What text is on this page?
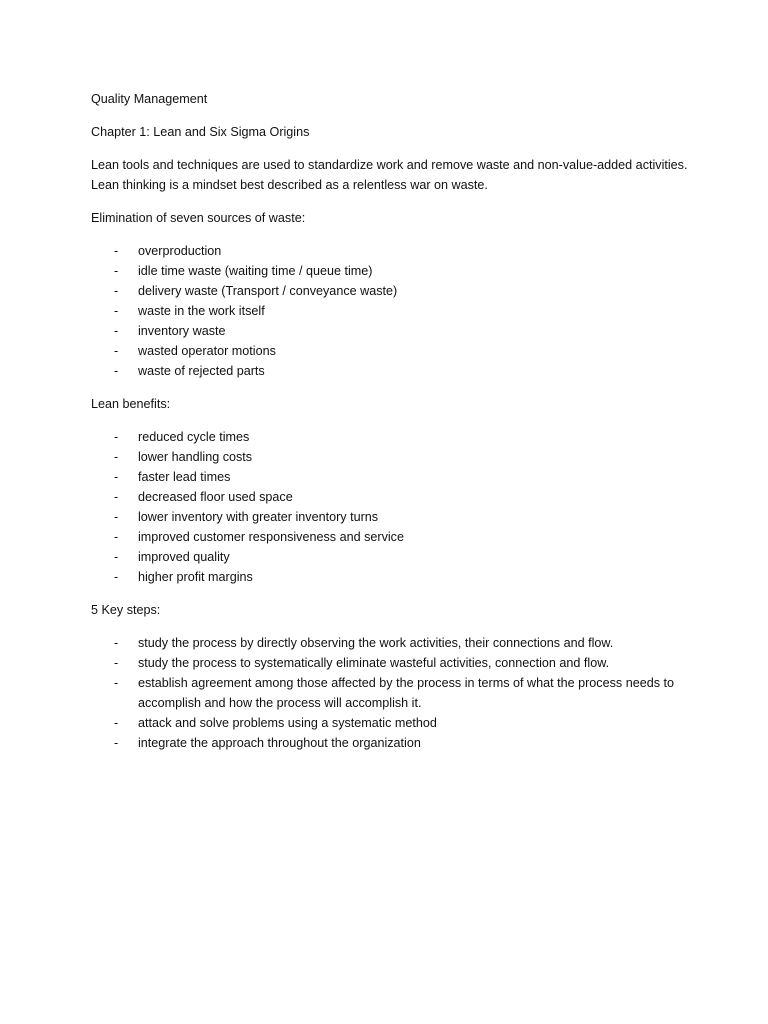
Quality Management

Chapter 1: Lean and Six Sigma Origins

Lean tools and techniques are used to standardize work and remove waste and non-value-added activities. Lean thinking is a mindset best described as a relentless war on waste.

Elimination of seven sources of waste:

- overproduction
- idle time waste (waiting time / queue time)
- delivery waste (Transport / conveyance waste)
- waste in the work itself
- inventory waste
- wasted operator motions
- waste of rejected parts

Lean benefits:

- reduced cycle times
- lower handling costs
- faster lead times
- decreased floor used space
- lower inventory with greater inventory turns
- improved customer responsiveness and service
- improved quality
- higher profit margins

5 Key steps:

- study the process by directly observing the work activities, their connections and flow.
- study the process to systematically eliminate wasteful activities, connection and flow.
- establish agreement among those affected by the process in terms of what the process needs to accomplish and how the process will accomplish it.
- attack and solve problems using a systematic method
- integrate the approach throughout the organization
